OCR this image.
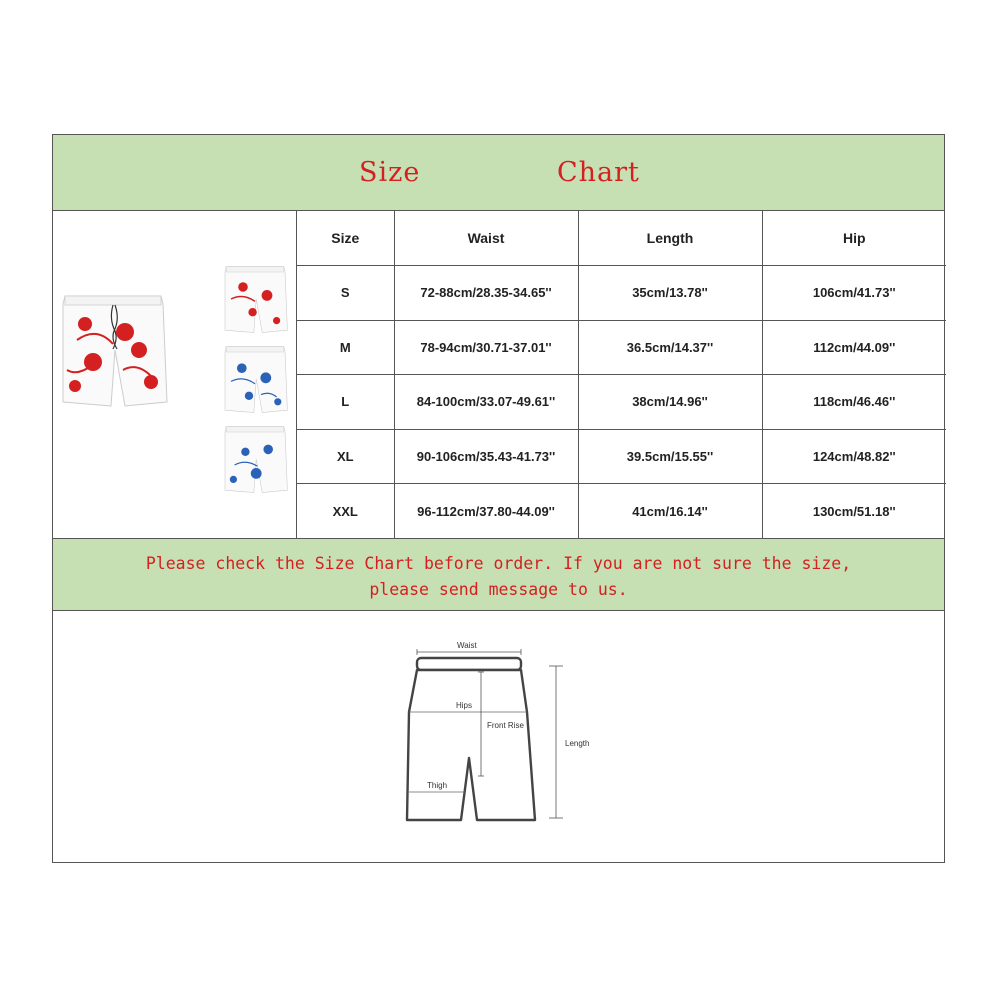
Size	Chart
Size	Waist	Length	Hip
S	72-88cm/28.35-34.65''	35cm/13.78''	106cm/41.73''
M	78-94cm/30.71-37.01''	36.5cm/14.37''	112cm/44.09''
L	84-100cm/33.07-49.61''	38cm/14.96''	118cm/46.46''
XL	90-106cm/35.43-41.73''	39.5cm/15.55''	124cm/48.82''
XXL	96-112cm/37.80-44.09''	41cm/16.14''	130cm/51.18''
Please check the Size Chart before order. If you are not sure the size,
please send message to us.
Waist
Hips
Front Rise
Thigh
Length
